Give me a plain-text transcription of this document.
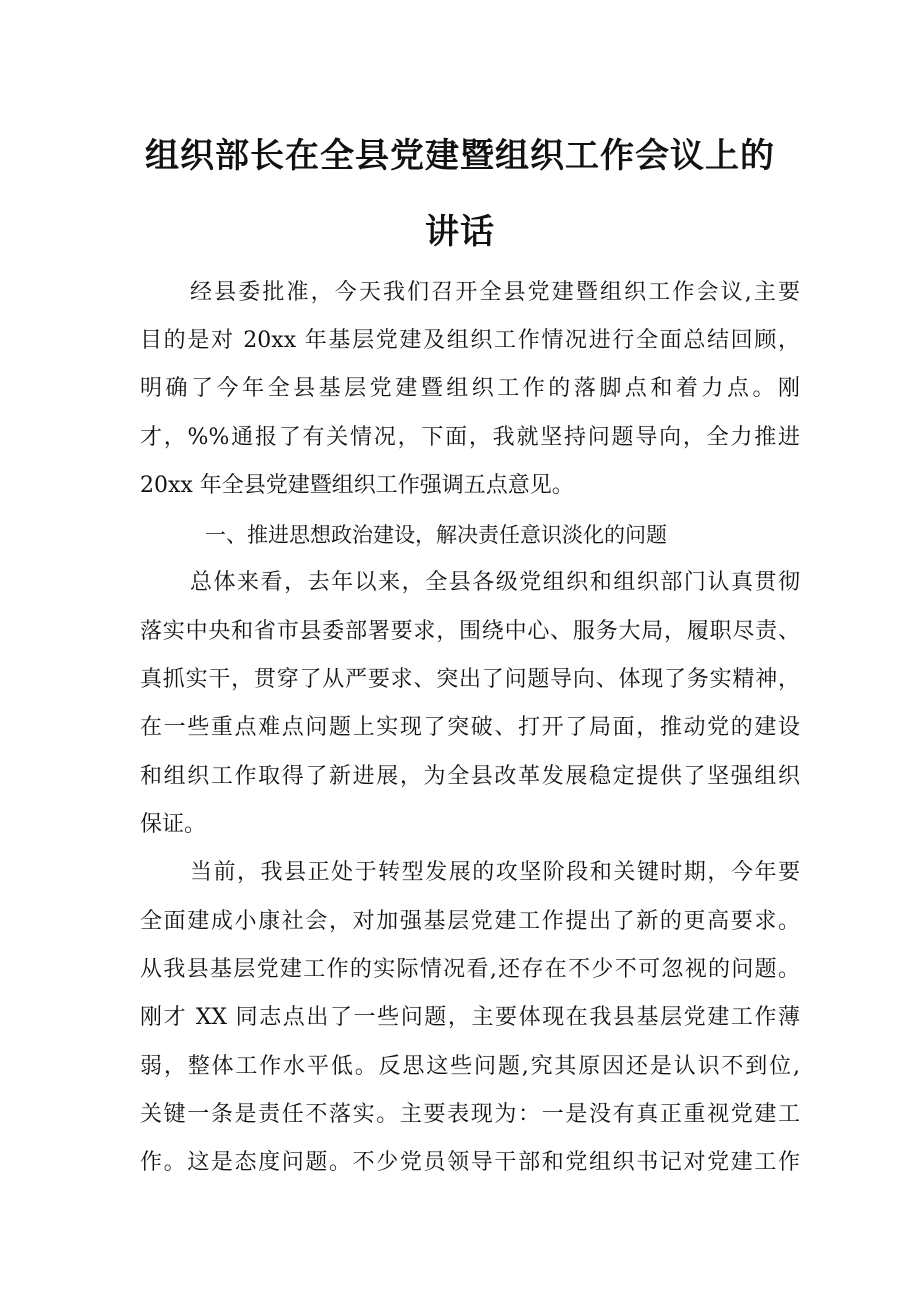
组织部长在全县党建暨组织工作会议上的
讲话
经县委批准，今天我们召开全县党建暨组织工作会议,主要
目的是对 20xx 年基层党建及组织工作情况进行全面总结回顾，
明确了今年全县基层党建暨组织工作的落脚点和着力点。刚
才，%%通报了有关情况，下面，我就坚持问题导向，全力推进
20xx 年全县党建暨组织工作强调五点意见。
一、推进思想政治建设，解决责任意识淡化的问题
总体来看，去年以来，全县各级党组织和组织部门认真贯彻
落实中央和省市县委部署要求，围绕中心、服务大局，履职尽责、
真抓实干，贯穿了从严要求、突出了问题导向、体现了务实精神，
在一些重点难点问题上实现了突破、打开了局面，推动党的建设
和组织工作取得了新进展，为全县改革发展稳定提供了坚强组织
保证。
当前，我县正处于转型发展的攻坚阶段和关键时期，今年要
全面建成小康社会，对加强基层党建工作提出了新的更高要求。
从我县基层党建工作的实际情况看,还存在不少不可忽视的问题。
刚才 XX 同志点出了一些问题，主要体现在我县基层党建工作薄
弱，整体工作水平低。反思这些问题,究其原因还是认识不到位,
关键一条是责任不落实。主要表现为：一是没有真正重视党建工
作。这是态度问题。不少党员领导干部和党组织书记对党建工作
